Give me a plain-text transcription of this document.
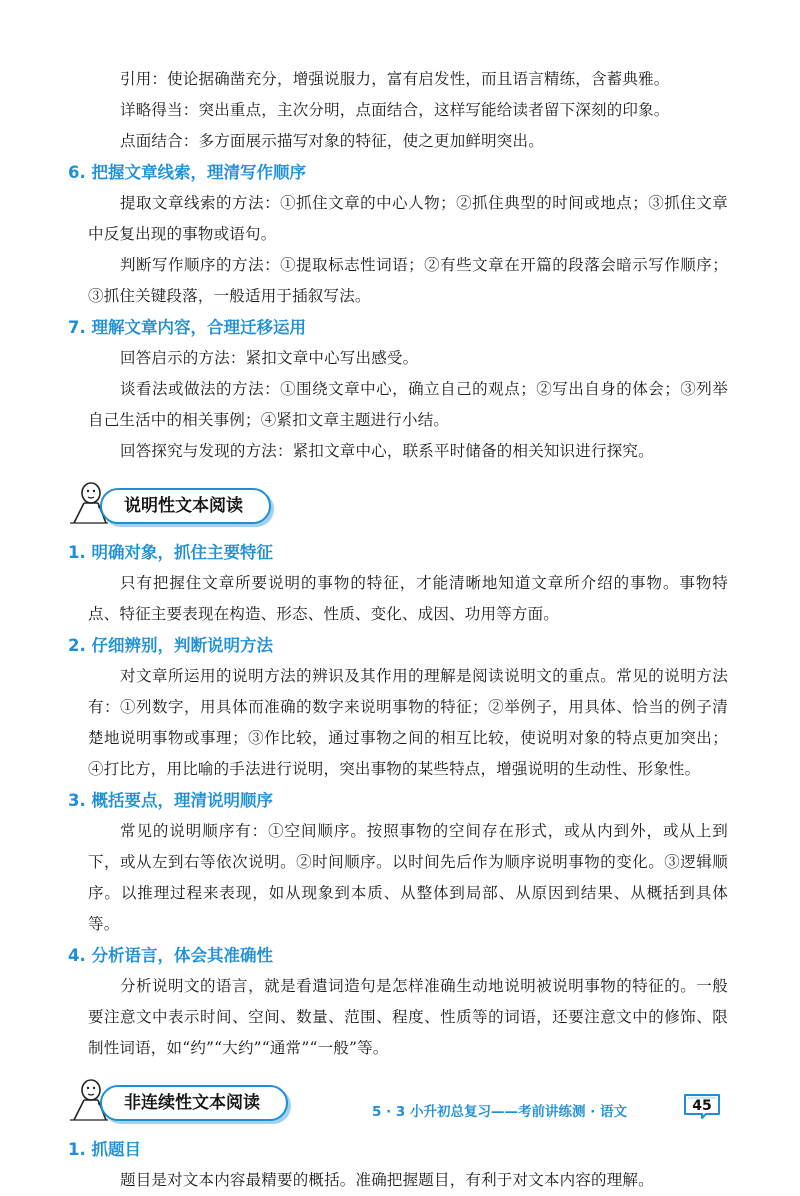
引用：使论据确凿充分，增强说服力，富有启发性，而且语言精练，含蓄典雅。

详略得当：突出重点，主次分明，点面结合，这样写能给读者留下深刻的印象。

点面结合：多方面展示描写对象的特征，使之更加鲜明突出。

6. 把握文章线索，理清写作顺序

提取文章线索的方法：①抓住文章的中心人物；②抓住典型的时间或地点；③抓住文章中反复出现的事物或语句。

判断写作顺序的方法：①提取标志性词语；②有些文章在开篇的段落会暗示写作顺序；③抓住关键段落，一般适用于插叙写法。

7. 理解文章内容，合理迁移运用

回答启示的方法：紧扣文章中心写出感受。

谈看法或做法的方法：①围绕文章中心，确立自己的观点；②写出自身的体会；③列举自己生活中的相关事例；④紧扣文章主题进行小结。

回答探究与发现的方法：紧扣文章中心，联系平时储备的相关知识进行探究。

说明性文本阅读
1. 明确对象，抓住主要特征

只有把握住文章所要说明的事物的特征，才能清晰地知道文章所介绍的事物。事物特点、特征主要表现在构造、形态、性质、变化、成因、功用等方面。

2. 仔细辨别，判断说明方法

对文章所运用的说明方法的辨识及其作用的理解是阅读说明文的重点。常见的说明方法有：①列数字，用具体而准确的数字来说明事物的特征；②举例子，用具体、恰当的例子清楚地说明事物或事理；③作比较，通过事物之间的相互比较，使说明对象的特点更加突出；④打比方，用比喻的手法进行说明，突出事物的某些特点，增强说明的生动性、形象性。

3. 概括要点，理清说明顺序

常见的说明顺序有：①空间顺序。按照事物的空间存在形式，或从内到外，或从上到下，或从左到右等依次说明。②时间顺序。以时间先后作为顺序说明事物的变化。③逻辑顺序。以推理过程来表现，如从现象到本质、从整体到局部、从原因到结果、从概括到具体等。

4. 分析语言，体会其准确性

分析说明文的语言，就是看遣词造句是怎样准确生动地说明被说明事物的特征的。一般要注意文中表示时间、空间、数量、范围、程度、性质等的词语，还要注意文中的修饰、限制性词语，如“约”“大约”“通常”“一般”等。

非连续性文本阅读
1. 抓题目

题目是对文本内容最精要的概括。准确把握题目，有利于对文本内容的理解。

5 · 3 小升初总复习——考前讲练测 · 语文	45
